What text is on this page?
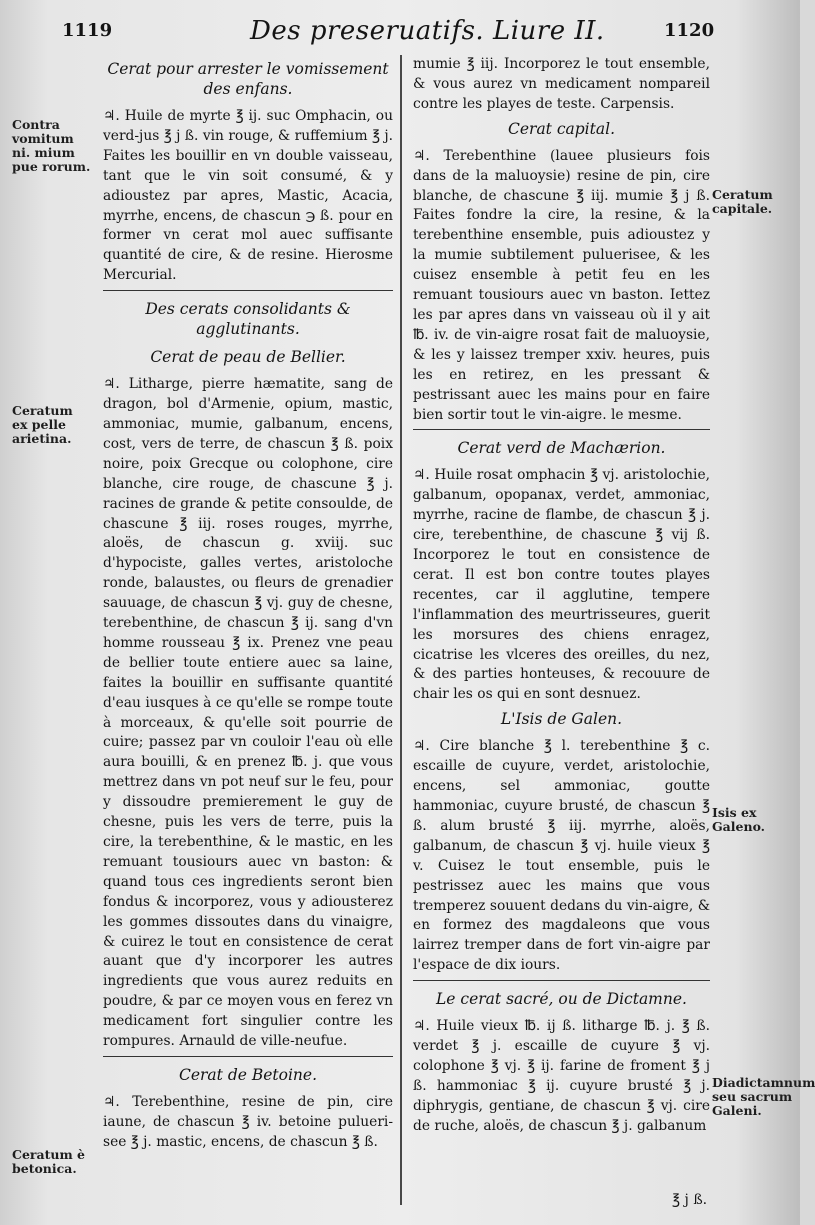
1119	Des preseruatifs. Liure II.	1120
Cerat pour arrester le vomissement des enfans.

♃. Huile de myrte ℥ ij. suc Omphacin, ou verd-jus ℥ j ß. vin rouge, & ruffemium ℥ j. Faites les bouillir en vn double vaisseau, tant que le vin soit consumé, & y adioustez par apres, Mastic, Acacia, myrrhe, encens, de chascun ℈ ß. pour en former vn cerat mol auec suffisante quantité de cire, & de resine. Hierosme Mercurial.

Des cerats consolidants & agglutinants.
Cerat de peau de Bellier.

♃. Litharge, pierre hæmatite, sang de dragon, bol d'Armenie, opium, mastic, ammoniac, mumie, galbanum, encens, cost, vers de terre, de chascun ℥ ß. poix noire, poix Grecque ou colophone, cire blanche, cire rouge, de chascune ℥ j. racines de grande & petite consoulde, de chascune ℥ iij. roses rouges, myrrhe, aloës, de chascun g. xviij. suc d'hypociste, galles vertes, aristoloche ronde, balaustes, ou fleurs de grenadier sauuage, de chascun ℥ vj. guy de chesne, terebenthine, de chascun ℥ ij. sang d'vn homme rousseau ℥ ix. Prenez vne peau de bellier toute entiere auec sa laine, faites la bouillir en suffisante quantité d'eau iusques à ce qu'elle se rompe toute à morceaux, & qu'elle soit pourrie de cuire; passez par vn couloir l'eau où elle aura bouilli, & en prenez ℔. j. que vous mettrez dans vn pot neuf sur le feu, pour y dissoudre premierement le guy de chesne, puis les vers de terre, puis la cire, la terebenthine, & le mastic, en les remuant tousiours auec vn baston: & quand tous ces ingredients seront bien fondus & incorporez, vous y adiousterez les gommes dissoutes dans du vinaigre, & cuirez le tout en consistence de cerat auant que d'y incorporer les autres ingredients que vous aurez reduits en poudre, & par ce moyen vous en ferez vn medicament fort singulier contre les rompures. Arnauld de ville-neufue.

Cerat de Betoine.

♃. Terebenthine, resine de pin, cire iaune, de chascun ℥ iv. betoine pulueri-see ℥ j. mastic, encens, de chascun ℥ ß.

mumie ℥ iij. Incorporez le tout ensemble, & vous aurez vn medicament nompareil contre les playes de teste. Carpensis.

Cerat capital.

♃. Terebenthine (lauee plusieurs fois dans de la maluoysie) resine de pin, cire blanche, de chascune ℥ iij. mumie ℥ j ß. Faites fondre la cire, la resine, & la terebenthine ensemble, puis adioustez y la mumie subtilement puluerisee, & les cuisez ensemble à petit feu en les remuant tousiours auec vn baston. Iettez les par apres dans vn vaisseau où il y ait ℔. iv. de vin-aigre rosat fait de maluoysie, & les y laissez tremper xxiv. heures, puis les en retirez, en les pressant & pestrissant auec les mains pour en faire bien sortir tout le vin-aigre. le mesme.

Cerat verd de Machærion.

♃. Huile rosat omphacin ℥ vj. aristolochie, galbanum, opopanax, verdet, ammoniac, myrrhe, racine de flambe, de chascun ℥ j. cire, terebenthine, de chascune ℥ vij ß. Incorporez le tout en consistence de cerat. Il est bon contre toutes playes recentes, car il agglutine, tempere l'inflammation des meurtrisseures, guerit les morsures des chiens enragez, cicatrise les vlceres des oreilles, du nez, & des parties honteuses, & recouure de chair les os qui en sont desnuez.

L'Isis de Galen.

♃. Cire blanche ℥ l. terebenthine ℥ c. escaille de cuyure, verdet, aristolochie, encens, sel ammoniac, goutte hammoniac, cuyure brusté, de chascun ℥ ß. alum brusté ℥ iij. myrrhe, aloës, galbanum, de chascun ℥ vj. huile vieux ℥ v. Cuisez le tout ensemble, puis le pestrissez auec les mains que vous tremperez souuent dedans du vin-aigre, & en formez des magdaleons que vous lairrez tremper dans de fort vin-aigre par l'espace de dix iours.

Le cerat sacré, ou de Dictamne.

♃. Huile vieux ℔. ij ß. litharge ℔. j. ℥ ß. verdet ℥ j. escaille de cuyure ℥ vj. colophone ℥ vj. ℥ ij. farine de froment ℥ j ß. hammoniac ℥ ij. cuyure brusté ℥ j. diphrygis, gentiane, de chascun ℥ vj. cire de ruche, aloës, de chascun ℥ j. galbanum

Contra vomitum ni. mium pue rorum.
Ceratum ex pelle arietina.
Ceratum è betonica.
Ceratum capitale.
Isis ex Galeno.
Diadictamnum seu sacrum Galeni.
℥ j ß.
